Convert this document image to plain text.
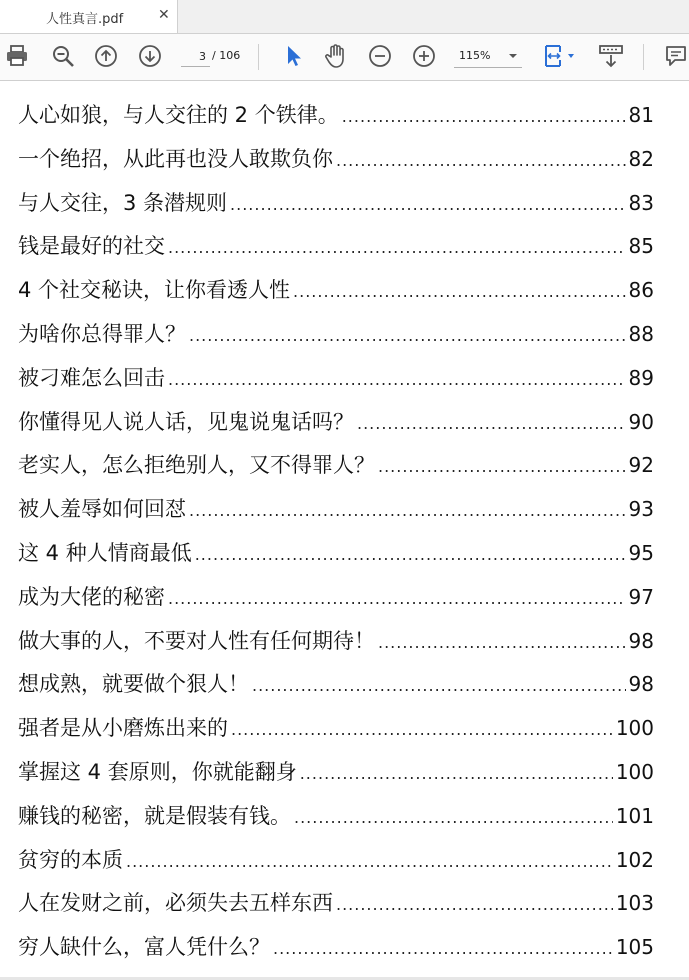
人性真言.pdf ✕
3
/ 106	115%
人心如狼，与人交往的 2 个铁律。 .....	81
一个绝招，从此再也没人敢欺负你 .....	82
与人交往，3 条潜规则 .....	83
钱是最好的社交 .....	85
4 个社交秘诀，让你看透人性 .....	86
为啥你总得罪人？ .....	88
被刁难怎么回击 .....	89
你懂得见人说人话，见鬼说鬼话吗？ .....	90
老实人，怎么拒绝别人，又不得罪人？ .....	92
被人羞辱如何回怼 .....	93
这 4 种人情商最低 .....	95
成为大佬的秘密 .....	97
做大事的人，不要对人性有任何期待！ .....	98
想成熟，就要做个狠人！ .....	98
强者是从小磨炼出来的 .....	100
掌握这 4 套原则，你就能翻身 .....	100
赚钱的秘密，就是假装有钱。 .....	101
贫穷的本质 .....	102
人在发财之前，必须失去五样东西 .....	103
穷人缺什么，富人凭什么？ .....	105
